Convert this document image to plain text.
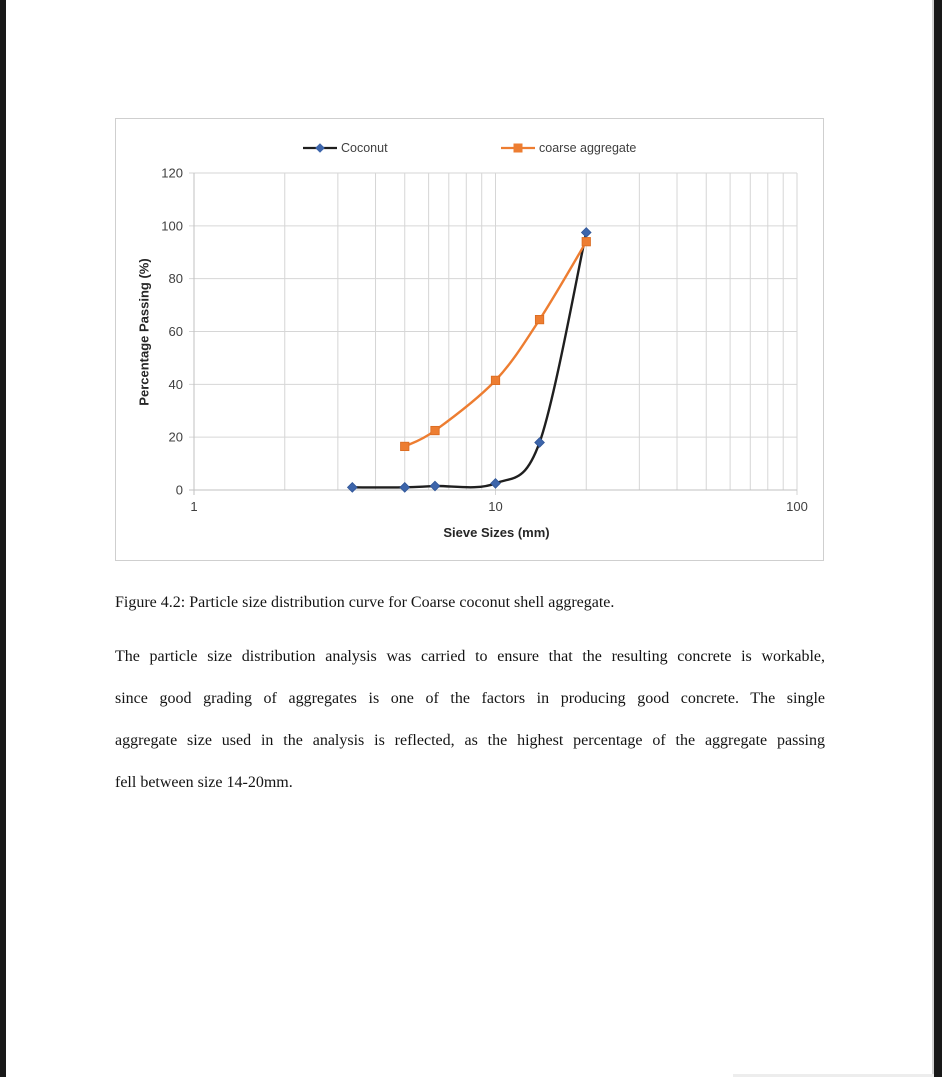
Coconut	coarse aggregate
1	10	100
0
20
40
60
80
100
120
Sieve Sizes (mm)
Percentage Passing (%)

Figure 4.2: Particle size distribution curve for Coarse coconut shell aggregate.

The particle size distribution analysis was carried to ensure that the resulting concrete is workable,
since good grading of aggregates is one of the factors in producing good concrete. The single
aggregate size used in the analysis is reflected, as the highest percentage of the aggregate passing
fell between size 14-20mm.
